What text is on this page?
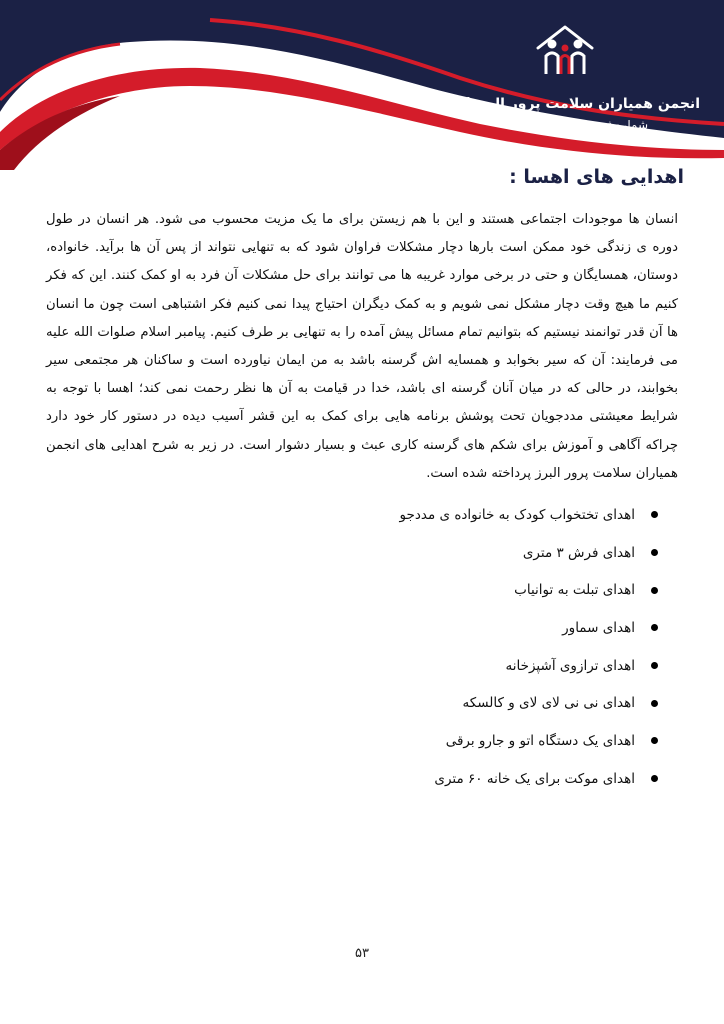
انجمن همیاران سلامت پرور البرز(اهسا)
شماره ثبت : ۲۴۲۳
اهدایی های اهسا :

انسان ها موجودات اجتماعی هستند و این با هم زیستن برای ما یک مزیت محسوب می شود. هر انسان در طول دوره ی زندگی خود ممکن است بارها دچار مشکلات فراوان شود که به تنهایی نتواند از پس آن ها برآید. خانواده، دوستان، همسایگان و حتی در برخی موارد غریبه ها می توانند برای حل مشکلات آن فرد به او کمک کنند. این که فکر کنیم ما هیچ وقت دچار مشکل نمی شویم و به کمک دیگران احتیاج پیدا نمی کنیم فکر اشتباهی است چون ما انسان ها آن قدر توانمند نیستیم که بتوانیم تمام مسائل پیش آمده را به تنهایی بر طرف کنیم. پیامبر اسلام صلوات الله علیه می فرمایند: آن که سیر بخوابد و همسایه اش گرسنه باشد به من ایمان نیاورده است و ساکنان هر مجتمعی سیر بخوابند، در حالی که در میان آنان گرسنه ای باشد، خدا در قیامت به آن ها نظر رحمت نمی کند؛ اهسا با توجه به شرایط معیشتی مددجویان تحت پوشش برنامه هایی برای کمک به این قشر آسیب دیده در دستور کار خود دارد چراکه آگاهی و آموزش برای شکم های گرسنه کاری عبث و بسیار دشوار است. در زیر به شرح اهدایی های انجمن همیاران سلامت پرور البرز پرداخته شده است.

اهدای تختخواب کودک به خانواده ی مددجو
اهدای فرش ۳ متری
اهدای تبلت به توانیاب
اهدای سماور
اهدای ترازوی آشپزخانه
اهدای نی نی لای لای و کالسکه
اهدای یک دستگاه اتو و جارو برقی
اهدای موکت برای یک خانه ۶۰ متری
۵۳
